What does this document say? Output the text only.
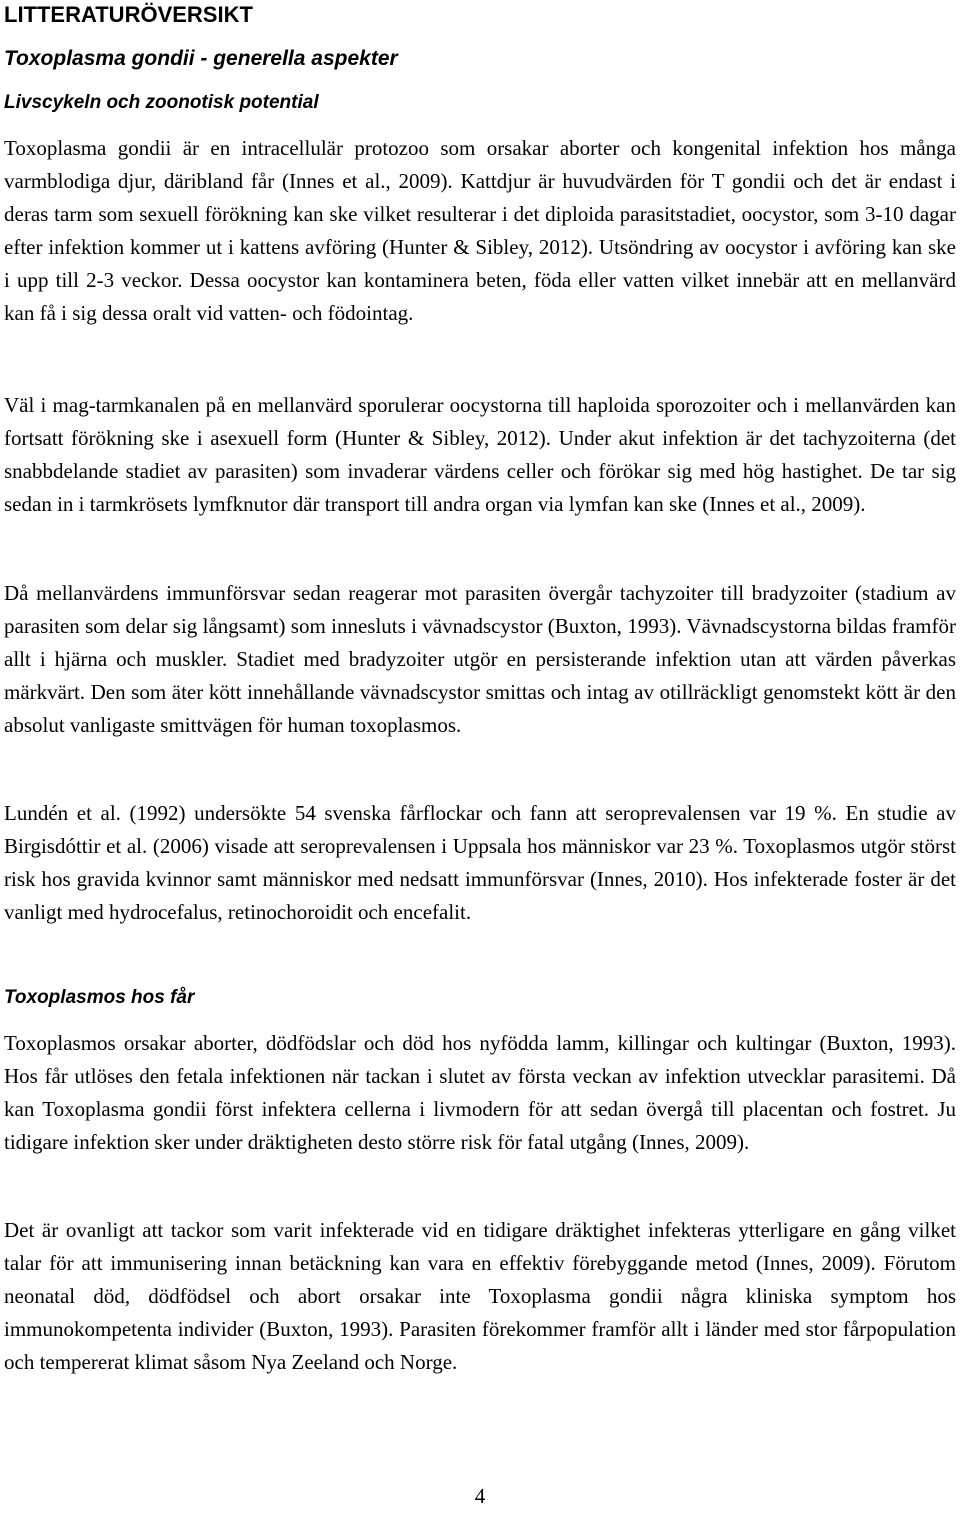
LITTERATURÖVERSIKT
Toxoplasma gondii - generella aspekter
Livscykeln och zoonotisk potential

Toxoplasma gondii är en intracellulär protozoo som orsakar aborter och kongenital infektion hos många varmblodiga djur, däribland får (Innes et al., 2009). Kattdjur är huvudvärden för T gondii och det är endast i deras tarm som sexuell förökning kan ske vilket resulterar i det diploida parasitstadiet, oocystor, som 3-10 dagar efter infektion kommer ut i kattens avföring (Hunter & Sibley, 2012). Utsöndring av oocystor i avföring kan ske i upp till 2-3 veckor. Dessa oocystor kan kontaminera beten, föda eller vatten vilket innebär att en mellanvärd kan få i sig dessa oralt vid vatten- och födointag.

Väl i mag-tarmkanalen på en mellanvärd sporulerar oocystorna till haploida sporozoiter och i mellanvärden kan fortsatt förökning ske i asexuell form (Hunter & Sibley, 2012). Under akut infektion är det tachyzoiterna (det snabbdelande stadiet av parasiten) som invaderar värdens celler och förökar sig med hög hastighet. De tar sig sedan in i tarmkrösets lymfknutor där transport till andra organ via lymfan kan ske (Innes et al., 2009).

Då mellanvärdens immunförsvar sedan reagerar mot parasiten övergår tachyzoiter till bradyzoiter (stadium av parasiten som delar sig långsamt) som innesluts i vävnadscystor (Buxton, 1993). Vävnadscystorna bildas framför allt i hjärna och muskler. Stadiet med bradyzoiter utgör en persisterande infektion utan att värden påverkas märkvärt. Den som äter kött innehållande vävnadscystor smittas och intag av otillräckligt genomstekt kött är den absolut vanligaste smittvägen för human toxoplasmos.

Lundén et al. (1992) undersökte 54 svenska fårflockar och fann att seroprevalensen var 19 %. En studie av Birgisdóttir et al. (2006) visade att seroprevalensen i Uppsala hos människor var 23 %. Toxoplasmos utgör störst risk hos gravida kvinnor samt människor med nedsatt immunförsvar (Innes, 2010). Hos infekterade foster är det vanligt med hydrocefalus, retinochoroidit och encefalit.

Toxoplasmos hos får

Toxoplasmos orsakar aborter, dödfödslar och död hos nyfödda lamm, killingar och kultingar (Buxton, 1993). Hos får utlöses den fetala infektionen när tackan i slutet av första veckan av infektion utvecklar parasitemi. Då kan Toxoplasma gondii först infektera cellerna i livmodern för att sedan övergå till placentan och fostret. Ju tidigare infektion sker under dräktigheten desto större risk för fatal utgång (Innes, 2009).

Det är ovanligt att tackor som varit infekterade vid en tidigare dräktighet infekteras ytterligare en gång vilket talar för att immunisering innan betäckning kan vara en effektiv förebyggande metod (Innes, 2009). Förutom neonatal död, dödfödsel och abort orsakar inte Toxoplasma gondii några kliniska symptom hos immunokompetenta individer (Buxton, 1993). Parasiten förekommer framför allt i länder med stor fårpopulation och tempererat klimat såsom Nya Zeeland och Norge.

4
